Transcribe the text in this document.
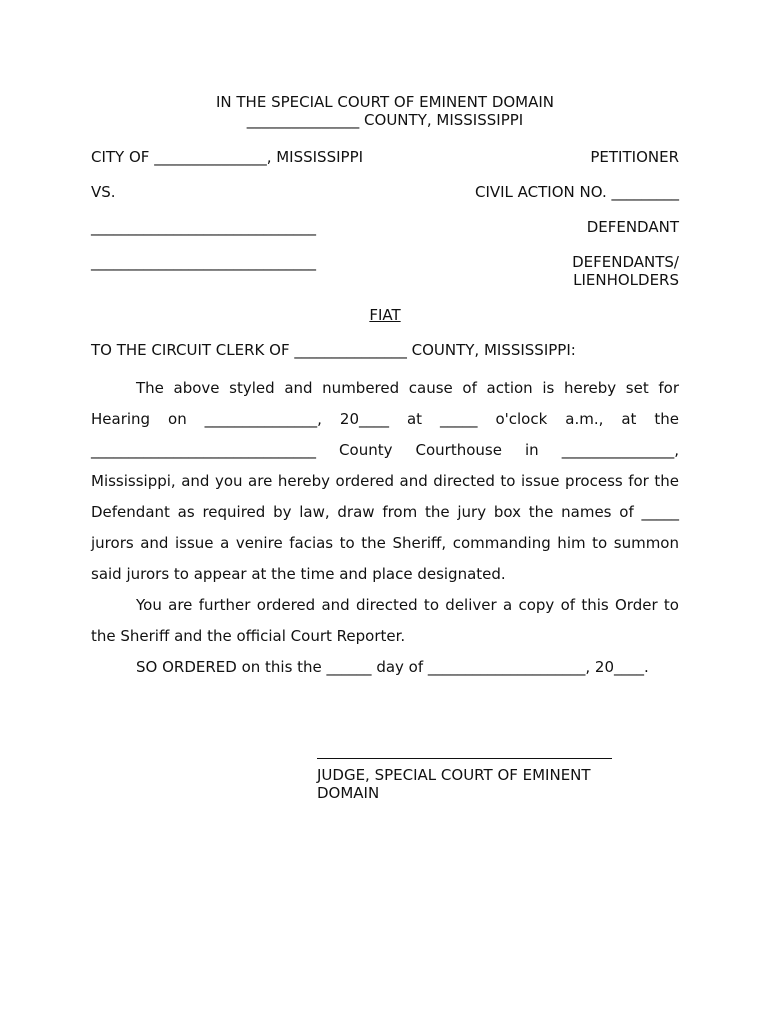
IN THE SPECIAL COURT OF EMINENT DOMAIN
_______________ COUNTY, MISSISSIPPI
CITY OF _______________, MISSISSIPPI	PETITIONER
VS.	CIVIL ACTION NO. _________
______________________________	DEFENDANT
______________________________	DEFENDANTS/
LIENHOLDERS
FIAT
TO THE CIRCUIT CLERK OF _______________ COUNTY, MISSISSIPPI:
The above styled and numbered cause of action is hereby set for
Hearing on _______________, 20____ at _____ o'clock a.m., at the
______________________________ County Courthouse in _______________,
Mississippi, and you are hereby ordered and directed to issue process for the Defendant as required by law, draw from the jury box the names of _____ jurors and issue a venire facias to the Sheriff, commanding him to summon said jurors to appear at the time and place designated.
You are further ordered and directed to deliver a copy of this Order to the Sheriff and the official Court Reporter.
SO ORDERED on this the ______ day of _____________________, 20____.
JUDGE, SPECIAL COURT OF EMINENT DOMAIN
